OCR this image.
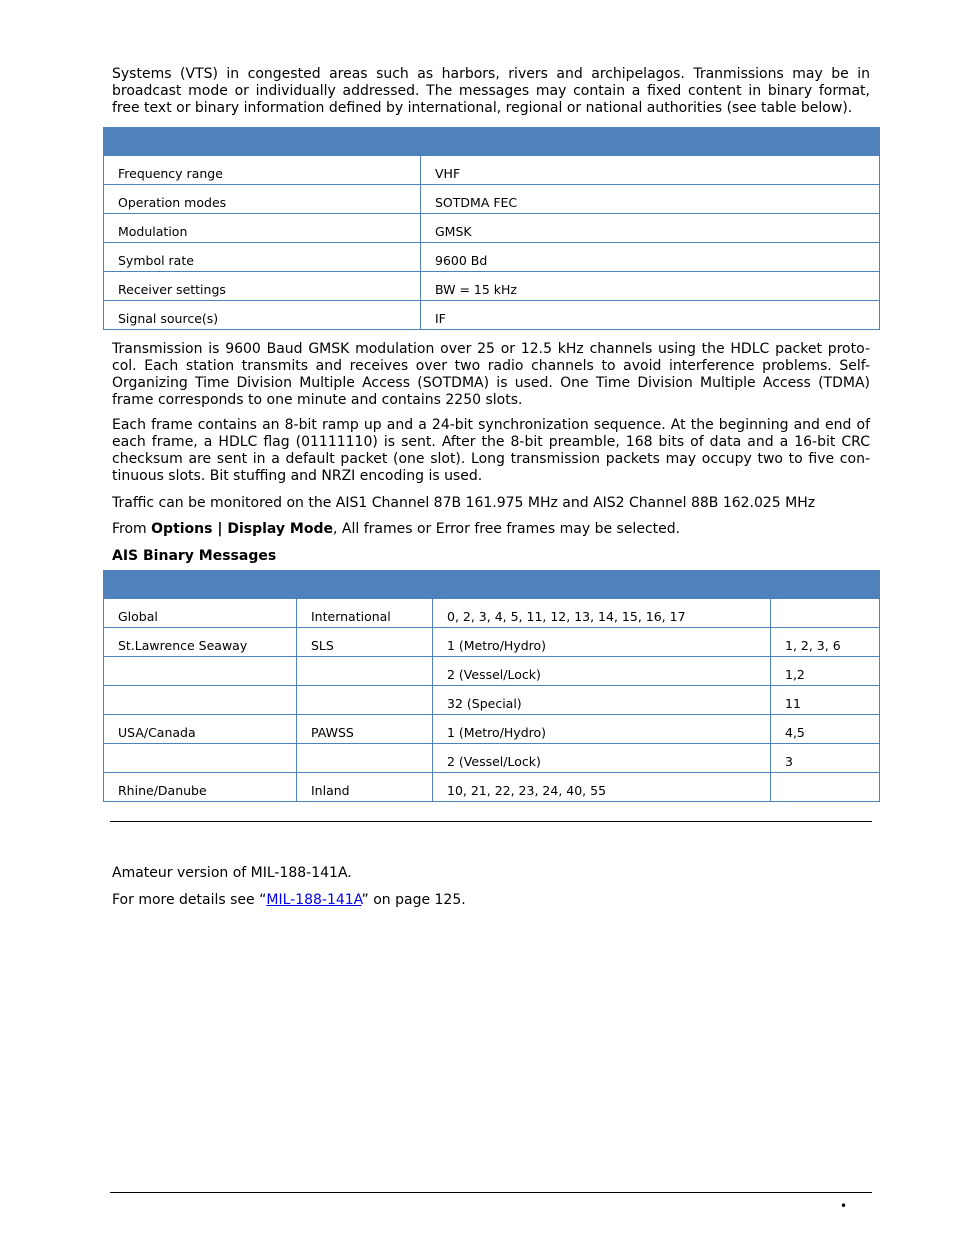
Systems (VTS) in congested areas such as harbors, rivers and archipelagos. Tranmissions may be in broadcast mode or individually addressed. The messages may contain a fixed content in binary format, free text or binary information defined by international, regional or national authorities (see table below).

Frequency range	VHF
Operation modes	SOTDMA FEC
Modulation	GMSK
Symbol rate	9600 Bd
Receiver settings	BW = 15 kHz
Signal source(s)	IF

Transmission is 9600 Baud GMSK modulation over 25 or 12.5 kHz channels using the HDLC packet proto-col. Each station transmits and receives over two radio channels to avoid interference problems. Self-Organizing Time Division Multiple Access (SOTDMA) is used. One Time Division Multiple Access (TDMA) frame corresponds to one minute and contains 2250 slots.

Each frame contains an 8-bit ramp up and a 24-bit synchronization sequence. At the beginning and end of each frame, a HDLC flag (01111110) is sent. After the 8-bit preamble, 168 bits of data and a 16-bit CRC checksum are sent in a default packet (one slot). Long transmission packets may occupy two to five con-tinuous slots. Bit stuffing and NRZI encoding is used.

Traffic can be monitored on the AIS1 Channel 87B 161.975 MHz and AIS2 Channel 88B 162.025 MHz

From Options | Display Mode, All frames or Error free frames may be selected.

AIS Binary Messages

Global	International	0, 2, 3, 4, 5, 11, 12, 13, 14, 15, 16, 17	
St.Lawrence Seaway	SLS	1 (Metro/Hydro)	1, 2, 3, 6
		2 (Vessel/Lock)	1,2
		32 (Special)	11
USA/Canada	PAWSS	1 (Metro/Hydro)	4,5
		2 (Vessel/Lock)	3
Rhine/Danube	Inland	10, 21, 22, 23, 24, 40, 55	

Amateur version of MIL-188-141A.

For more details see “MIL-188-141A” on page 125.

•
